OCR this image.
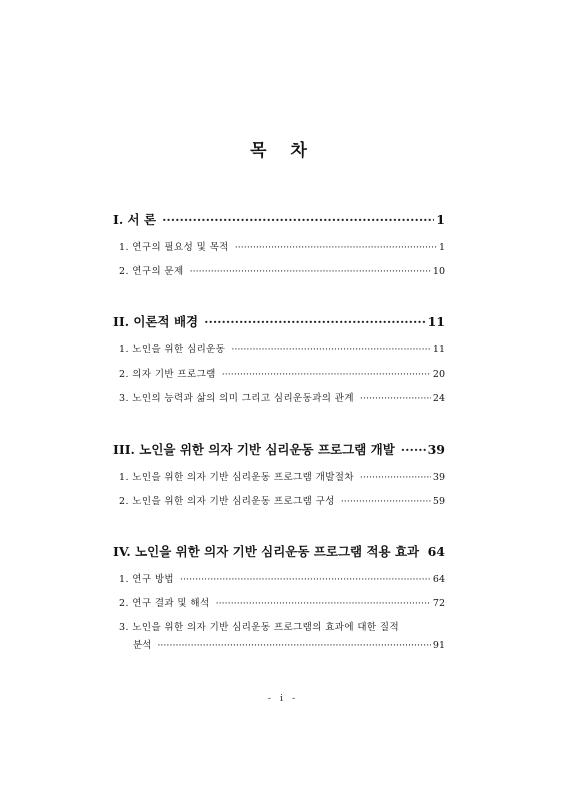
목 차
I. 서 론 ·····	1
1. 연구의 필요성 및 목적 ·····	1
2. 연구의 문제 ·····	10
II. 이론적 배경 ·····	11
1. 노인을 위한 심리운동 ·····	11
2. 의자 기반 프로그램 ·····	20
3. 노인의 능력과 삶의 의미 그리고 심리운동과의 관계 ·····	24
III. 노인을 위한 의자 기반 심리운동 프로그램 개발 ·····	39
1. 노인을 위한 의자 기반 심리운동 프로그램 개발절차 ·····	39
2. 노인을 위한 의자 기반 심리운동 프로그램 구성 ·····	59
IV. 노인을 위한 의자 기반 심리운동 프로그램 적용 효과 ····· 64
1. 연구 방법 ·····	64
2. 연구 결과 및 해석 ·····	72
3. 노인을 위한 의자 기반 심리운동 프로그램의 효과에 대한 질적
분석 ·····	91
- i -
